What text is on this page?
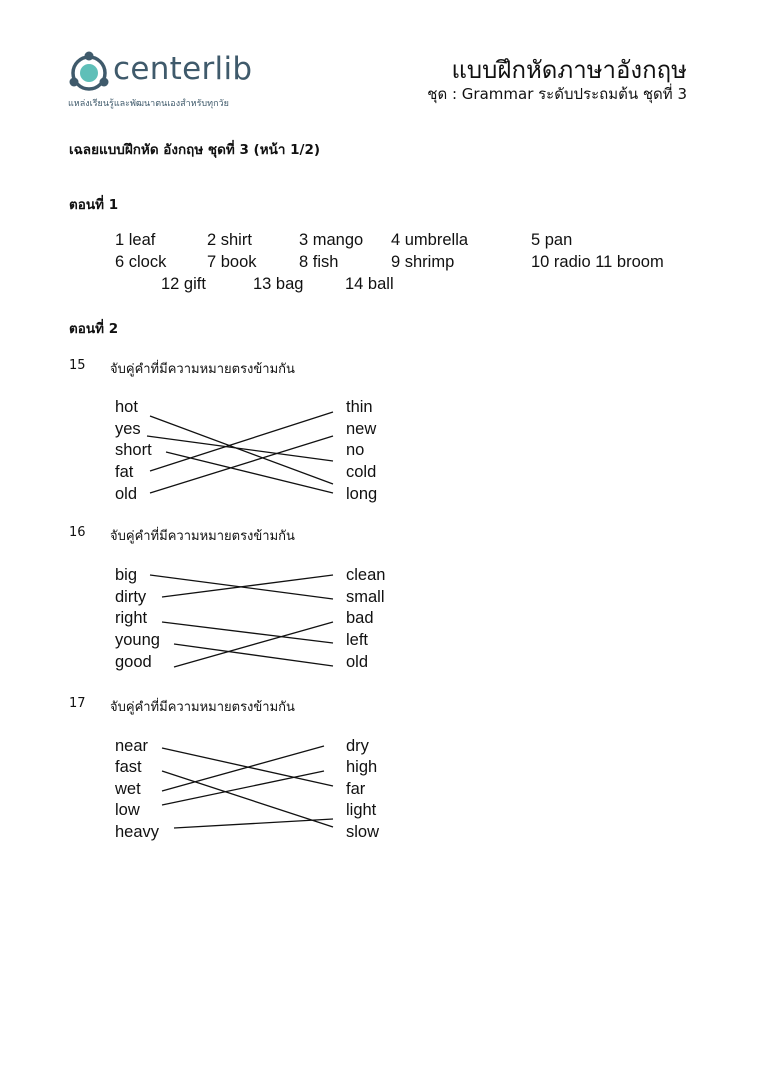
centerlib
แหล่งเรียนรู้และพัฒนาตนเองสำหรับทุกวัย
แบบฝึกหัดภาษาอังกฤษ
ชุด : Grammar ระดับประถมต้น ชุดที่ 3
เฉลยแบบฝึกหัด อังกฤษ ชุดที่ 3 (หน้า 1/2)
ตอนที่ 1
1 leaf	2 shirt	3 mango 4 umbrella	5 pan
6 clock 7 book	8 fish	9 shrimp	10 radio 11 broom
12 gift	13 bag	14 ball
ตอนที่ 2
15 จับคู่คำที่มีความหมายตรงข้ามกัน
hot
yes
short
fat
old
thin
new
no
cold
long
16 จับคู่คำที่มีความหมายตรงข้ามกัน
big
dirty
right
young
good
clean
small
bad
left
old
17 จับคู่คำที่มีความหมายตรงข้ามกัน
near
fast
wet
low
heavy
dry
high
far
light
slow
